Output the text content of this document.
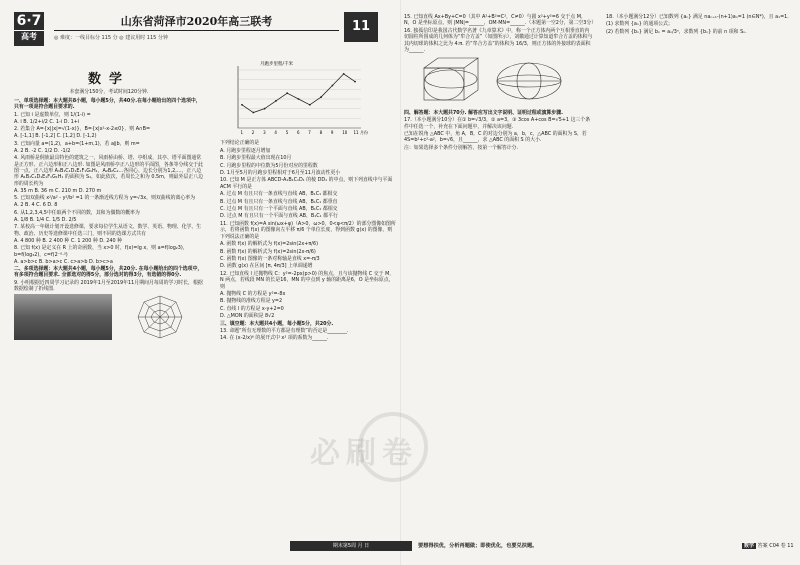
6·7
高考
山东省菏泽市2020年高三联考
◎ 难度：一线目标分 115 分 ◎ 建议用时 115 分钟
11
数学
本套满分150分，考试时间120分钟.

一、单项选择题：本大题共8小题，每小题5分，共40分.在每小题给出的四个选项中，只有一项是符合题目要求的.

1. 已知 i 是虚数单位，则 1/(1-i) =

A. i B. 1/2+i/2 C. 1-i D. 1+i

2. 若集合 A={x||x|=√(1-x)}，B={x|x²-x-2≤0}，则 A∩B=

A. [-1,1] B. [-1,2] C. [1,2] D. [-1,2)

3. 已知向量 a=(1,2)，a+b=(1+m,1)，若 a∥b，则 m=

A. 2 B. -2 C. 1/2 D. -1/2

4. 风雨桥是侗族最具特色的建筑之一，风雨桥由桥、塔、亭组成，其亭、塔平面图通常是正方形、正六边形和正八边形. 如图是风雨桥亭正八边形的平面图，各条等分线交于此图一点，正八边形 A₁B₁C₁D₁E₁F₁G₁H₁，A₂B₂C₂…各同心，边长分别为1,2,…，正八边形 A₁B₁C₁D₁E₁F₁G₁H₁ 的面积为 S₁，如此依次，若周长之和为 0.5m，则最外层正八边形的周长约为

A. 35 m B. 36 m C. 210 m D. 270 m

5. 已知双曲线 x²/a² - y²/b² =1 的一条渐近线方程为 y=√3x，则双曲线的离心率为

A. 2 B. 4 C. 6 D. 8

6. 从1,2,3,4,5中任取两个不同的数，其和为偶数的概率为

A. 1/8 B. 1/4 C. 1/5 D. 2/5

7. 某校高一年级计划开设选修课，要求每位学生从语文、数学、英语、物理、化学、生物、政治、历史等选修课中任选三门，则不同的选课方式共有

A. 4 800 种 B. 2 400 种 C. 1 200 种 D. 240 种

8. 已知 f(x) 是定义在 R 上的奇函数，当 x>0 时，f(x)=lg x，则 a=f(log₂3)，b=f(log₃2)，c=f(2⁻⁰·³)

A. a>b>c B. b>a>c C. c>a>b D. b>c>a

二、多项选择题：本大题共4小题，每小题5分，共20分. 在每小题给出的四个选项中，有多项符合题目要求. 全部选对的得5分，部分选对的得3分，有选错的得0分.

9. 小明根据近四周学习记录的 2019年1月至2019年11月期间月每周的学习时长，根据数据绘制了折线图.

月跑步里程/千米
1 2 3 4 5 6 7 8 9 10 11 月份

下列结论正确的是

A. 月跑步里程逐月增加

B. 月跑步里程最大值出现在10月

C. 月跑步里程的中位数为5月份对应的里程数

D. 1月至5月的月跑步里程相对于6月至11月波动性更小

10. 已知 M 是正方体 ABCD-A₁B₁C₁D₁ 的棱 DD₁ 的中点，则下列直线中与平面 ACM 平行的是

A. 过点 M 有且只有一条直线与直线 AB，B₁C₁ 都相交

B. 过点 M 有且只有一条直线与直线 AB，B₁C₁ 都垂直

C. 过点 M 有且只有一个平面与直线 AB，B₁C₁ 都相交

D. 过点 M 有且只有一个平面与直线 AB，B₁C₁ 都平行

11. 已知函数 f(x)=A sin(ωx+φ)（A>0，ω>0，0<φ<π/2）的部分图像如图所示，若将函数 f(x) 的图像向左平移 π/6 个单位长度，得到函数 g(x) 的图像，则下列说法正确的是

A. 函数 f(x) 的解析式为 f(x)=2sin(2x+π/6)

B. 函数 f(x) 的解析式为 f(x)=2sin(2x-π/6)

C. 函数 f(x) 图像的一条对称轴是直线 x=-π/3

D. 函数 g(x) 在区间 [π, 4π/3] 上单调递增

12. 已知直线 l 过抛物线 C：y²=-2px(p>0) 的焦点，且与该抛物线 C 交于 M，N 两点，若线段 MN 的长是16，MN 的中点到 y 轴的距离是6，O 是坐标原点，则

A. 抛物线 C 的方程是 y²=-8x

B. 抛物线的准线方程是 y=2

C. 直线 l 的方程是 x-y+2=0

D. △MON 的面积是 8√2

三、填空题：本大题共4小题，每小题5分，共20分.

13. 命题“所有无理数的平方都是有理数”的否定是________.

14. 在 (x-2/x)⁶ 的展开式中 x² 项的系数为______.

15. 已知直线 Ax+By+C=0（其中 A²+B²=C²，C≠0）与圆 x²+y²=6 交于点 M，N，O 是坐标原点，则 |MN|=______，OM·MN=______.（本题第一空2分，第二空3分）

16. 独孤信印是我国古代数学名著《九章算术》中，称一个正方体内两个互相垂直的内切圆柱所围成的几何体为“牟合方盖”（如图所示），刘徽通过计算知道牟合方盖的体积与其内切球的体积之比为 4:π. 若“牟合方盖”的体积为 16/3，则正方体的外接球的表面积为______.

四、解答题：本大题共70分. 解答应写出文字说明、证明过程或演算步骤.

17.（本小题满分10分）在① b=√3/3，② a=3，③ 3cos A+cos B=√5+1 这三个条件中任选一个，补充在下面问题中，并解决该问题.

已知在锐角 △ABC 中，角 A，B，C 的对边分别为 a，b，c，△ABC 的面积为 S，若 4S=b²+c²-a²，b=√6，且______，求 △ABC 的面积 S 的大小.

注：如果选择多个条件分别解答，按第一个解答计分.

18.（本小题满分12分）已知数列 {aₙ} 满足 naₙ₊₁-(n+1)aₙ=1 (n∈N*)，且 a₁=1.

(1) 求数列 {aₙ} 的通项公式；

(2) 若数列 {bₙ} 满足 bₙ = aₙ/3ⁿ，求数列 {bₙ} 的前 n 项和 Sₙ.

必刷卷
期末第5周 月 日	要想得扶优，分析再题做；即使优化，也要兑扶题。	数学 答案 C04 卷 11
